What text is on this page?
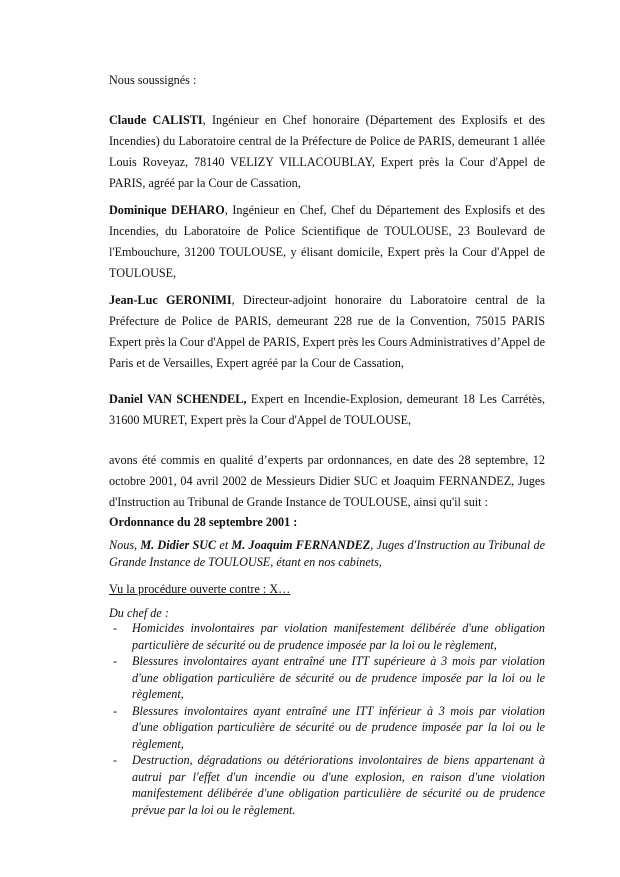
Nous soussignés :
Claude CALISTI, Ingénieur en Chef honoraire (Département des Explosifs et des Incendies) du Laboratoire central de la Préfecture de Police de PARIS, demeurant 1 allée Louis Roveyaz, 78140 VELIZY VILLACOUBLAY, Expert près la Cour d'Appel de PARIS, agréé par la Cour de Cassation,
Dominique DEHARO, Ingénieur en Chef, Chef du Département des Explosifs et des Incendies, du Laboratoire de Police Scientifique de TOULOUSE, 23 Boulevard de l'Embouchure, 31200 TOULOUSE, y élisant domicile, Expert près la Cour d'Appel de TOULOUSE,
Jean-Luc GERONIMI, Directeur-adjoint honoraire du Laboratoire central de la Préfecture de Police de PARIS, demeurant 228 rue de la Convention, 75015 PARIS Expert près la Cour d'Appel de PARIS, Expert près les Cours Administratives d’Appel de Paris et de Versailles, Expert agréé par la Cour de Cassation,
Daniel VAN SCHENDEL, Expert en Incendie-Explosion, demeurant 18 Les Carrétès, 31600 MURET, Expert près la Cour d'Appel de TOULOUSE,
avons été commis en qualité d’experts par ordonnances, en date des 28 septembre, 12 octobre 2001, 04 avril 2002 de Messieurs Didier SUC et Joaquim FERNANDEZ, Juges d'Instruction au Tribunal de Grande Instance de TOULOUSE, ainsi qu'il suit :
Ordonnance du 28 septembre 2001 :
Nous, M. Didier SUC et M. Joaquim FERNANDEZ, Juges d'Instruction au Tribunal de Grande Instance de TOULOUSE, étant en nos cabinets,
Vu la procédure ouverte contre : X…
Du chef de :
- Homicides involontaires par violation manifestement délibérée d'une obligation particulière de sécurité ou de prudence imposée par la loi ou le règlement,
- Blessures involontaires ayant entraîné une ITT supérieure à 3 mois par violation d'une obligation particulière de sécurité ou de prudence imposée par la loi ou le règlement,
- Blessures involontaires ayant entraîné une ITT inférieur à 3 mois par violation d'une obligation particulière de sécurité ou de prudence imposée par la loi ou le règlement,
- Destruction, dégradations ou détériorations involontaires de biens appartenant à autrui par l'effet d'un incendie ou d'une explosion, en raison d'une violation manifestement délibérée d'une obligation particulière de sécurité ou de prudence prévue par la loi ou le règlement.
